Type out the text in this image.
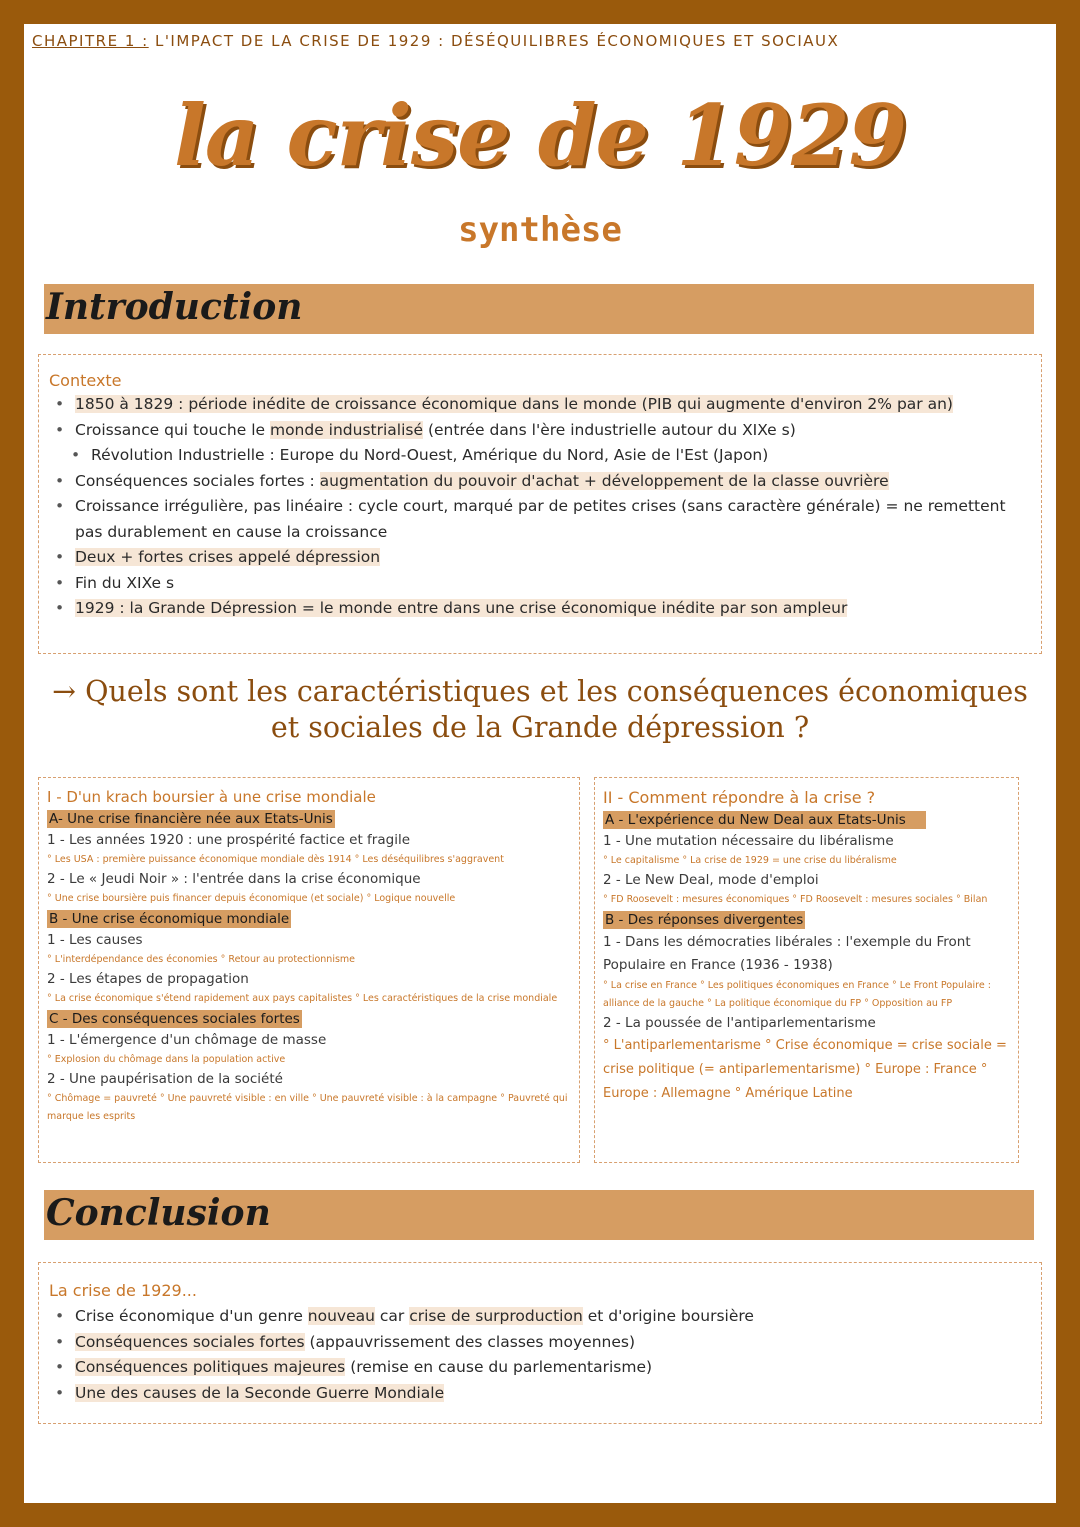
CHAPITRE 1 : L'IMPACT DE LA CRISE DE 1929 : DÉSÉQUILIBRES ÉCONOMIQUES ET SOCIAUX
la crise de 1929
synthèse
Introduction
Contexte
• 1850 à 1829 : période inédite de croissance économique dans le monde (PIB qui augmente d'environ 2% par an)
• Croissance qui touche le monde industrialisé (entrée dans l'ère industrielle autour du XIXe s)
• Révolution Industrielle : Europe du Nord-Ouest, Amérique du Nord, Asie de l'Est (Japon)
• Conséquences sociales fortes : augmentation du pouvoir d'achat + développement de la classe ouvrière
• Croissance irrégulière, pas linéaire : cycle court, marqué par de petites crises (sans caractère générale) = ne remettent pas durablement en cause la croissance
• Deux + fortes crises appelé dépression
• Fin du XIXe s
• 1929 : la Grande Dépression = le monde entre dans une crise économique inédite par son ampleur
→ Quels sont les caractéristiques et les conséquences économiques
et sociales de la Grande dépression ?
I - D'un krach boursier à une crise mondiale
A- Une crise financière née aux Etats-Unis
1 - Les années 1920 : une prospérité factice et fragile
° Les USA : première puissance économique mondiale dès 1914 ° Les déséquilibres s'aggravent
2 - Le « Jeudi Noir » : l'entrée dans la crise économique
° Une crise boursière puis financer depuis économique (et sociale) ° Logique nouvelle
B - Une crise économique mondiale
1 - Les causes
° L'interdépendance des économies ° Retour au protectionnisme
2 - Les étapes de propagation
° La crise économique s'étend rapidement aux pays capitalistes ° Les caractéristiques de la crise mondiale
C - Des conséquences sociales fortes
1 - L'émergence d'un chômage de masse
° Explosion du chômage dans la population active
2 - Une paupérisation de la société
° Chômage = pauvreté ° Une pauvreté visible : en ville ° Une pauvreté visible : à la campagne ° Pauvreté qui marque les esprits
II - Comment répondre à la crise ?
A - L'expérience du New Deal aux Etats-Unis
1 - Une mutation nécessaire du libéralisme
° Le capitalisme ° La crise de 1929 = une crise du libéralisme
2 - Le New Deal, mode d'emploi
° FD Roosevelt : mesures économiques ° FD Roosevelt : mesures sociales ° Bilan
B - Des réponses divergentes
1 - Dans les démocraties libérales : l'exemple du Front Populaire en France (1936 - 1938)
° La crise en France ° Les politiques économiques en France ° Le Front Populaire : alliance de la gauche ° La politique économique du FP ° Opposition au FP
2 - La poussée de l'antiparlementarisme
° L'antiparlementarisme ° Crise économique = crise sociale = crise politique (= antiparlementarisme) ° Europe : France ° Europe : Allemagne ° Amérique Latine
Conclusion
La crise de 1929...
• Crise économique d'un genre nouveau car crise de surproduction et d'origine boursière
• Conséquences sociales fortes (appauvrissement des classes moyennes)
• Conséquences politiques majeures (remise en cause du parlementarisme)
• Une des causes de la Seconde Guerre Mondiale
